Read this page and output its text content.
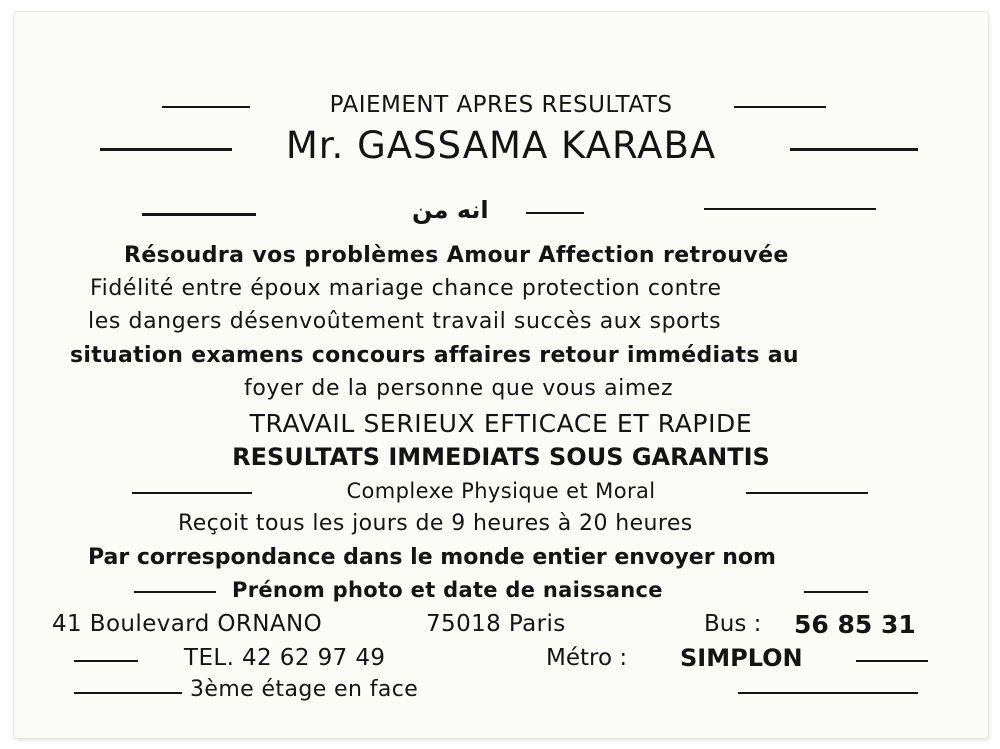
PAIEMENT APRES RESULTATS
Mr. GASSAMA KARABA
انه من
Résoudra vos problèmes Amour Affection retrouvée
Fidélité entre époux mariage chance protection contre
les dangers désenvoûtement travail succès aux sports
situation examens concours affaires retour immédiats au
foyer de la personne que vous aimez
TRAVAIL SERIEUX EFTICACE ET RAPIDE
RESULTATS IMMEDIATS SOUS GARANTIS
Complexe Physique et Moral
Reçoit tous les jours de 9 heures à 20 heures
Par correspondance dans le monde entier envoyer nom
Prénom photo et date de naissance
41 Boulevard ORNANO	75018 Paris	Bus : 56 85 31
TEL. 42 62 97 49	Métro : SIMPLON
3ème étage en face
